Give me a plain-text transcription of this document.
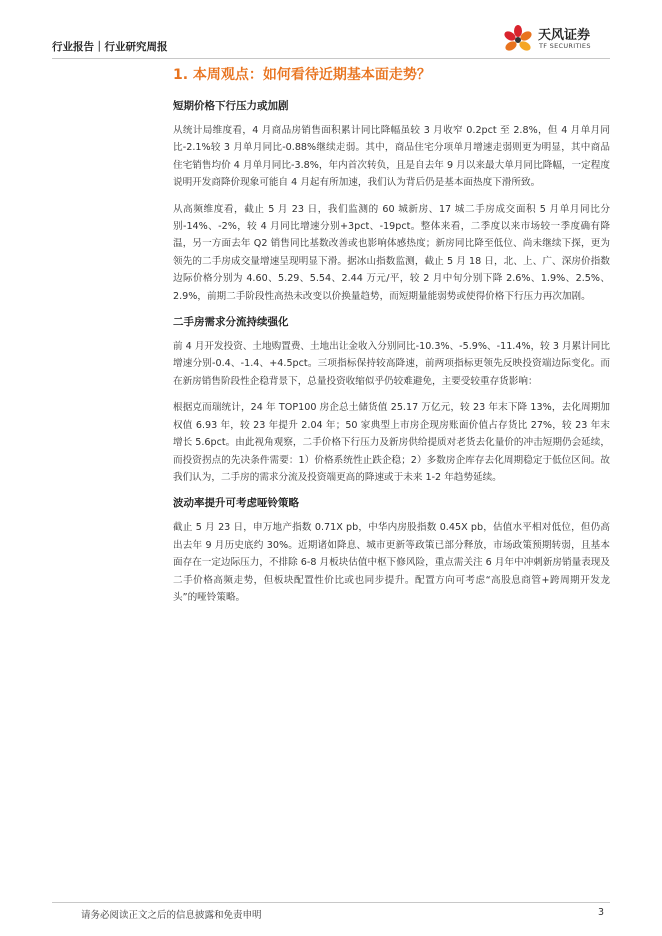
行业报告｜行业研究周报
天风证券
TF SECURITIES
1. 本周观点：如何看待近期基本面走势？
短期价格下行压力或加剧

从统计局维度看，4 月商品房销售面积累计同比降幅虽较 3 月收窄 0.2pct 至 2.8%，但 4 月单月同比-2.1%较 3 月单月同比-0.88%继续走弱。其中，商品住宅分项单月增速走弱则更为明显，其中商品住宅销售均价 4 月单月同比-3.8%，年内首次转负，且是自去年 9 月以来最大单月同比降幅，一定程度说明开发商降价现象可能自 4 月起有所加速，我们认为背后仍是基本面热度下滑所致。

从高频维度看，截止 5 月 23 日，我们监测的 60 城新房、17 城二手房成交面积 5 月单月同比分别-14%、-2%，较 4 月同比增速分别+3pct、-19pct。整体来看，二季度以来市场较一季度确有降温，另一方面去年 Q2 销售同比基数改善或也影响体感热度；新房同比降至低位、尚未继续下探，更为领先的二手房成交量增速呈现明显下滑。据冰山指数监测，截止 5 月 18 日，北、上、广、深房价指数边际价格分别为 4.60、5.29、5.54、2.44 万元/平，较 2 月中旬分别下降 2.6%、1.9%、2.5%、2.9%，前期二手阶段性高热未改变以价换量趋势，而短期量能弱势或使得价格下行压力再次加剧。

二手房需求分流持续强化

前 4 月开发投资、土地购置费、土地出让金收入分别同比-10.3%、-5.9%、-11.4%，较 3 月累计同比增速分别-0.4、-1.4、+4.5pct。三项指标保持较高降速，前两项指标更领先反映投资端边际变化。而在新房销售阶段性企稳背景下，总量投资收缩似乎仍较难避免，主要受较重存货影响：

根据克而瑞统计，24 年 TOP100 房企总土储货值 25.17 万亿元，较 23 年末下降 13%，去化周期加权值 6.93 年，较 23 年提升 2.04 年；50 家典型上市房企现房账面价值占存货比 27%，较 23 年末增长 5.6pct。由此视角观察，二手价格下行压力及新房供给提质对老货去化量价的冲击短期仍会延续，而投资拐点的先决条件需要：1）价格系统性止跌企稳；2）多数房企库存去化周期稳定于低位区间。故我们认为，二手房的需求分流及投资端更高的降速或于未来 1-2 年趋势延续。

波动率提升可考虑哑铃策略

截止 5 月 23 日，申万地产指数 0.71X pb，中华内房股指数 0.45X pb，估值水平相对低位，但仍高出去年 9 月历史底约 30%。近期诸如降息、城市更新等政策已部分释放，市场政策预期转弱，且基本面存在一定边际压力，不排除 6-8 月板块估值中枢下修风险，重点需关注 6 月年中冲刺新房销量表现及二手价格高频走势，但板块配置性价比或也同步提升。配置方向可考虑“高股息商管+跨周期开发龙头”的哑铃策略。

请务必阅读正文之后的信息披露和免责申明	3
